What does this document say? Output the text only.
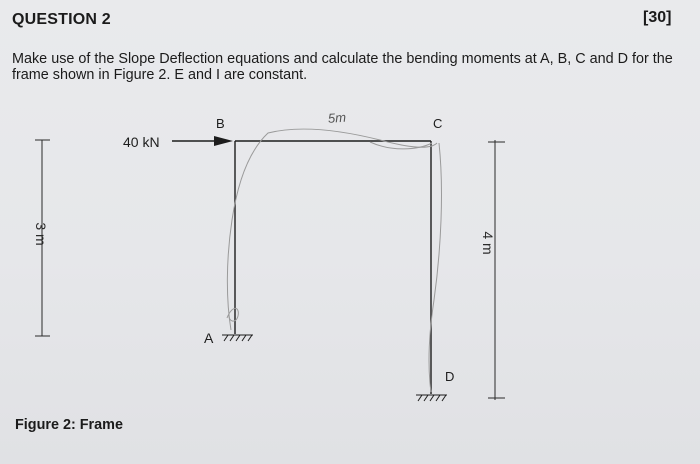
QUESTION 2	[30]
Make use of the Slope Deflection equations and calculate the bending moments at A, B, C and D for the frame shown in Figure 2. E and I are constant.
3 m	4 m
40 kN
B	C
A
D
5m
Figure 2: Frame
